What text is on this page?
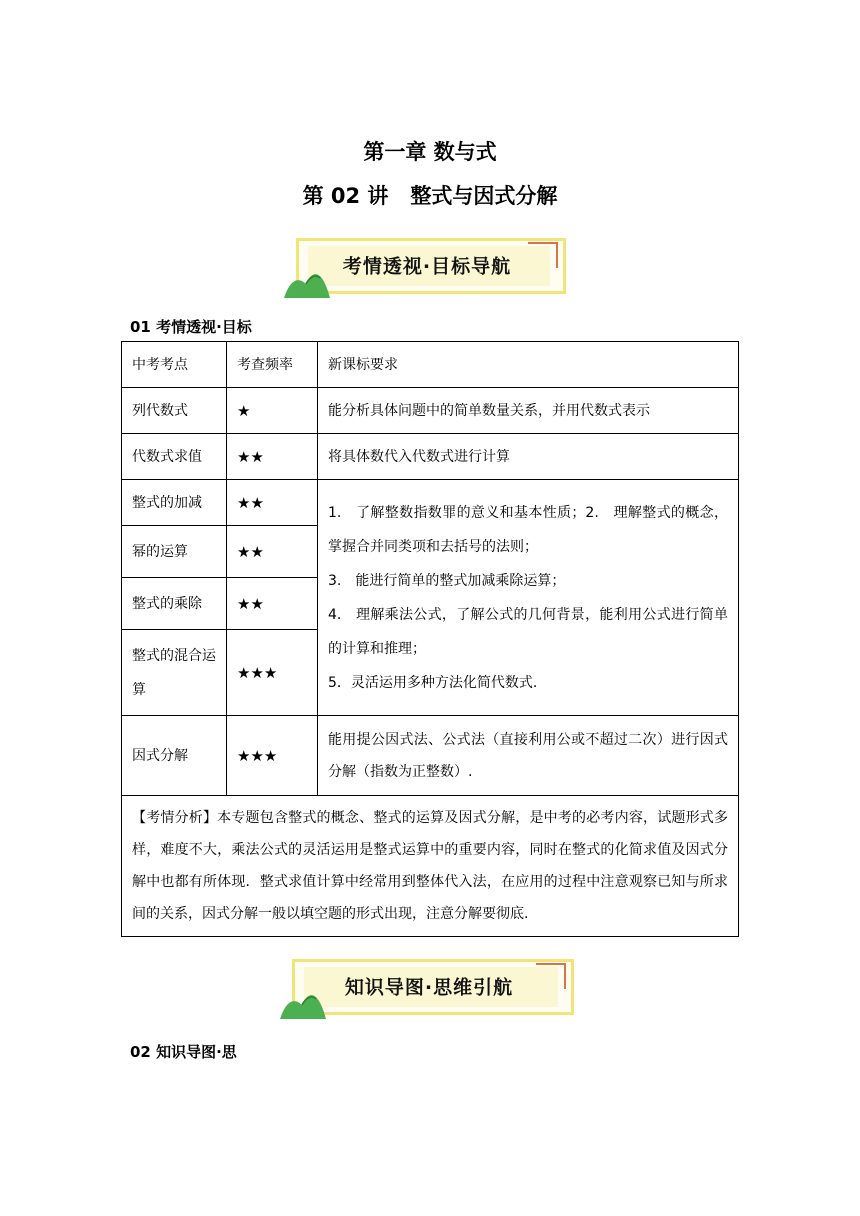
第一章 数与式
第 02 讲 整式与因式分解
考情透视·目标导航
01 考情透视·目标
中考考点	考查频率	新课标要求
列代数式	★	能分析具体问题中的简单数量关系，并用代数式表示
代数式求值	★★	将具体数代入代数式进行计算
整式的加减	★★	1.　了解整数指数罪的意义和基本性质；2.　理解整式的概念，掌握合并同类项和去括号的法则；
3.　能进行简单的整式加减乘除运算；
4.　理解乘法公式，了解公式的几何背景，能利用公式进行简单的计算和推理；
5．灵活运用多种方法化简代数式.

幂的运算	★★	
整式的乘除	★★	
整式的混合运算	★★★	
因式分解	★★★	能用提公因式法、公式法（直接利用公或不超过二次）进行因式分解（指数为正整数）.
【考情分析】本专题包含整式的概念、整式的运算及因式分解，是中考的必考内容，试题形式多样，难度不大，乘法公式的灵活运用是整式运算中的重要内容，同时在整式的化简求值及因式分解中也都有所体现．整式求值计算中经常用到整体代入法，在应用的过程中注意观察已知与所求间的关系，因式分解一般以填空题的形式出现，注意分解要彻底.		
知识导图·思维引航
02 知识导图·思
